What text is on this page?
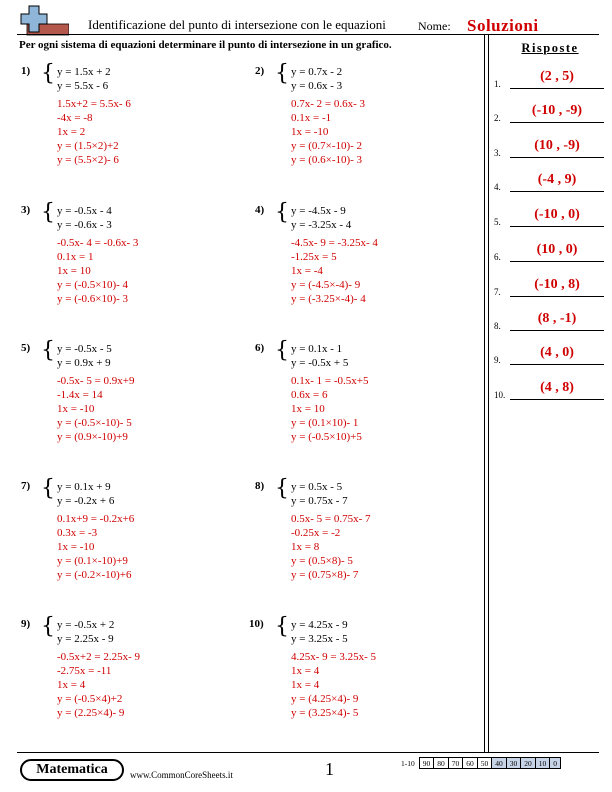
Identificazione del punto di intersezione con le equazioni	Nome: Soluzioni
Per ogni sistema di equazioni determinare il punto di intersezione in un grafico.	Risposte
1.	(2 , 5)
2.	(-10 , -9)
3.	(10 , -9)
4.	(-4 , 9)
5.	(-10 , 0)
6.	(10 , 0)
7.	(-10 , 8)
8.	(8 , -1)
9.	(4 , 0)
10.	(4 , 8)
1) { y = 1.5x + 2
y = 5.5x - 6
1.5x+2 = 5.5x- 6
-4x = -8
1x = 2
y = (1.5×2)+2
y = (5.5×2)- 6
2) { y = 0.7x - 2
y = 0.6x - 3
0.7x- 2 = 0.6x- 3
0.1x = -1
1x = -10
y = (0.7×-10)- 2
y = (0.6×-10)- 3
3) { y = -0.5x - 4
y = -0.6x - 3
-0.5x- 4 = -0.6x- 3
0.1x = 1
1x = 10
y = (-0.5×10)- 4
y = (-0.6×10)- 3
4) { y = -4.5x - 9
y = -3.25x - 4
-4.5x- 9 = -3.25x- 4
-1.25x = 5
1x = -4
y = (-4.5×-4)- 9
y = (-3.25×-4)- 4
5) { y = -0.5x - 5
y = 0.9x + 9
-0.5x- 5 = 0.9x+9
-1.4x = 14
1x = -10
y = (-0.5×-10)- 5
y = (0.9×-10)+9
6) { y = 0.1x - 1
y = -0.5x + 5
0.1x- 1 = -0.5x+5
0.6x = 6
1x = 10
y = (0.1×10)- 1
y = (-0.5×10)+5
7) { y = 0.1x + 9
y = -0.2x + 6
0.1x+9 = -0.2x+6
0.3x = -3
1x = -10
y = (0.1×-10)+9
y = (-0.2×-10)+6
8) { y = 0.5x - 5
y = 0.75x - 7
0.5x- 5 = 0.75x- 7
-0.25x = -2
1x = 8
y = (0.5×8)- 5
y = (0.75×8)- 7
9) { y = -0.5x + 2
y = 2.25x - 9
-0.5x+2 = 2.25x- 9
-2.75x = -11
1x = 4
y = (-0.5×4)+2
y = (2.25×4)- 9
10) { y = 4.25x - 9
y = 3.25x - 5
4.25x- 9 = 3.25x- 5
1x = 4
1x = 4
y = (4.25×4)- 9
y = (3.25×4)- 5
Matematica	www.CommonCoreSheets.it	1	1-10	90	80	70	60	50	40	30	20	10	0
